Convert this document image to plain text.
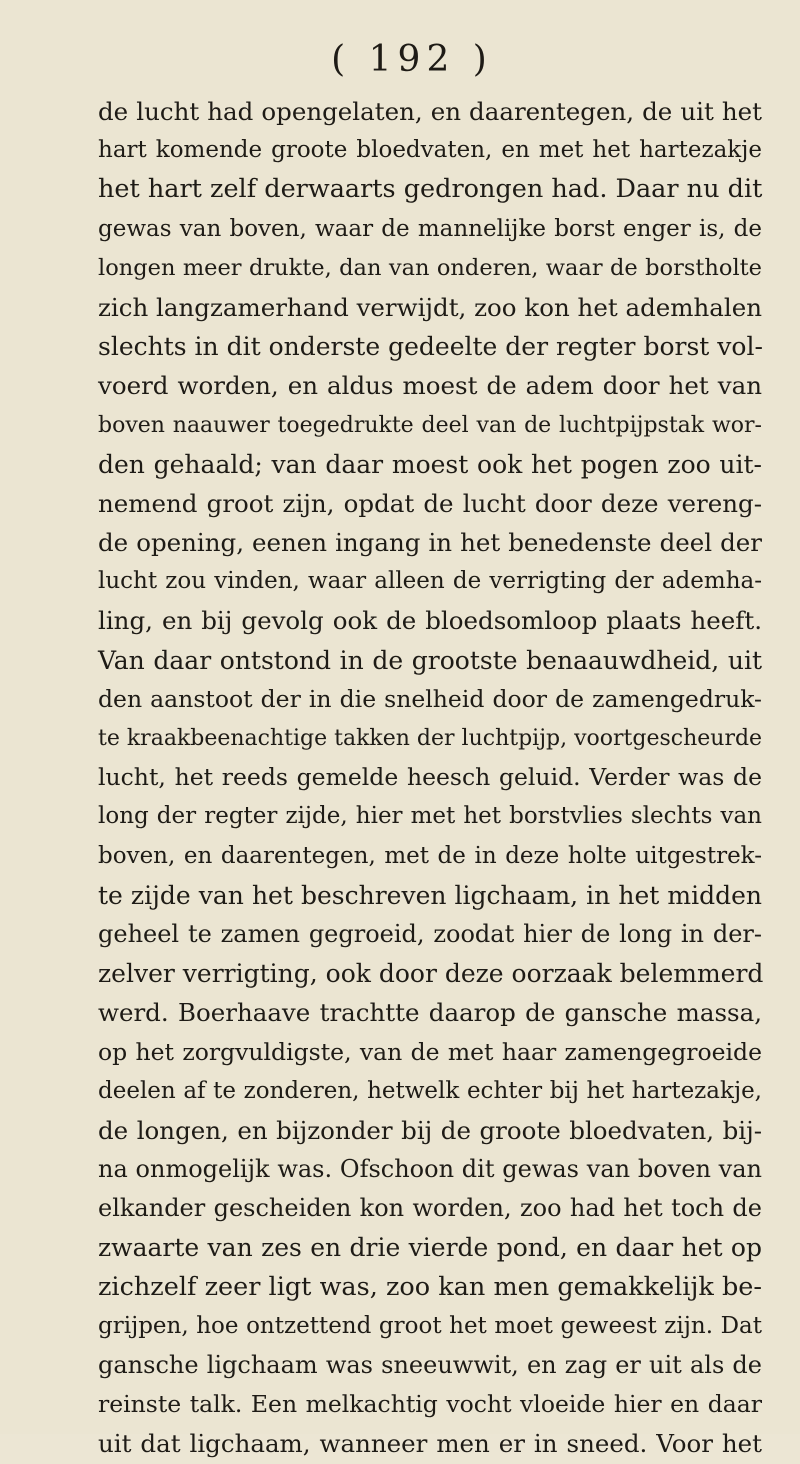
( 192 )
de lucht had opengelaten, en daarentegen, de uit het
hart komende groote bloedvaten, en met het hartezakje
het hart zelf derwaarts gedrongen had. Daar nu dit
gewas van boven, waar de mannelijke borst enger is, de
longen meer drukte, dan van onderen, waar de borstholte
zich langzamerhand verwijdt, zoo kon het ademhalen
slechts in dit onderste gedeelte der regter borst vol-
voerd worden, en aldus moest de adem door het van
boven naauwer toegedrukte deel van de luchtpijpstak wor-
den gehaald; van daar moest ook het pogen zoo uit-
nemend groot zijn, opdat de lucht door deze vereng-
de opening, eenen ingang in het benedenste deel der
lucht zou vinden, waar alleen de verrigting der ademha-
ling, en bij gevolg ook de bloedsomloop plaats heeft.
Van daar ontstond in de grootste benaauwdheid, uit
den aanstoot der in die snelheid door de zamengedruk-
te kraakbeenachtige takken der luchtpijp, voortgescheurde
lucht, het reeds gemelde heesch geluid. Verder was de
long der regter zijde, hier met het borstvlies slechts van
boven, en daarentegen, met de in deze holte uitgestrek-
te zijde van het beschreven ligchaam, in het midden
geheel te zamen gegroeid, zoodat hier de long in der-
zelver verrigting, ook door deze oorzaak belemmerd
werd. Boerhaave trachtte daarop de gansche massa,
op het zorgvuldigste, van de met haar zamengegroeide
deelen af te zonderen, hetwelk echter bij het hartezakje,
de longen, en bijzonder bij de groote bloedvaten, bij-
na onmogelijk was. Ofschoon dit gewas van boven van
elkander gescheiden kon worden, zoo had het toch de
zwaarte van zes en drie vierde pond, en daar het op
zichzelf zeer ligt was, zoo kan men gemakkelijk be-
grijpen, hoe ontzettend groot het moet geweest zijn. Dat
gansche ligchaam was sneeuwwit, en zag er uit als de
reinste talk. Een melkachtig vocht vloeide hier en daar
uit dat ligchaam, wanneer men er in sneed. Voor het
